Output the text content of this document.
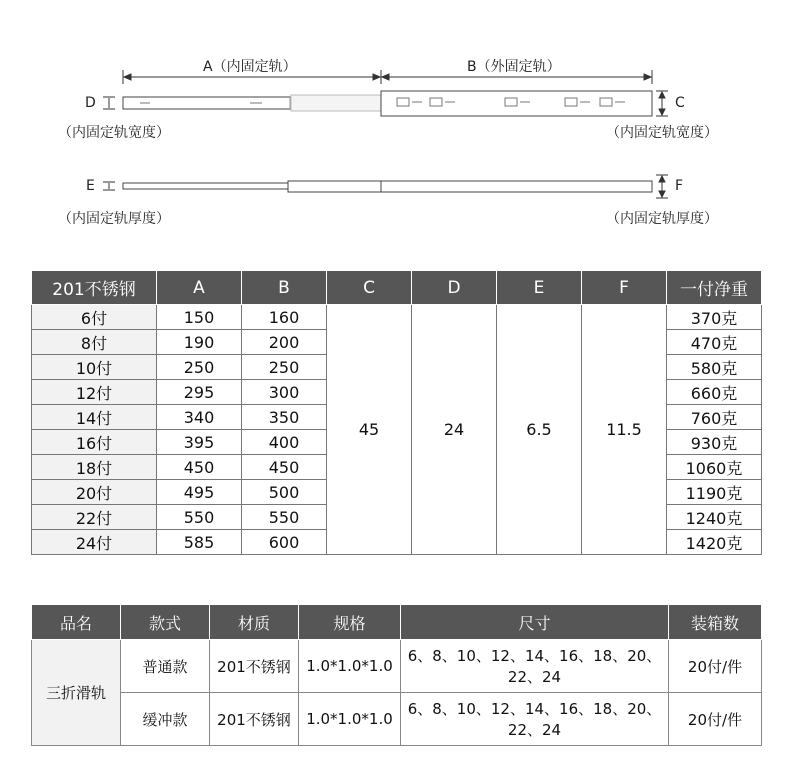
A（内固定轨）	B（外固定轨）
D	C
（内固定轨宽度）	（内固定轨宽度）
E	F
（内固定轨厚度）	（内固定轨厚度）
201不锈钢	A	B	C	D	E	F	一付净重
6付	150	160	45	24	6.5	11.5	370克
8付	190	200					470克
10付	250	250					580克
12付	295	300					660克
14付	340	350					760克
16付	395	400					930克
18付	450	450					1060克
20付	495	500					1190克
22付	550	550					1240克
24付	585	600					1420克
品名	款式	材质	规格	尺寸	装箱数
三折滑轨	普通款	201不锈钢	1.0*1.0*1.0	6、8、10、12、14、16、18、20、22、24	20付/件
	缓冲款	201不锈钢	1.0*1.0*1.0	6、8、10、12、14、16、18、20、22、24	20付/件
